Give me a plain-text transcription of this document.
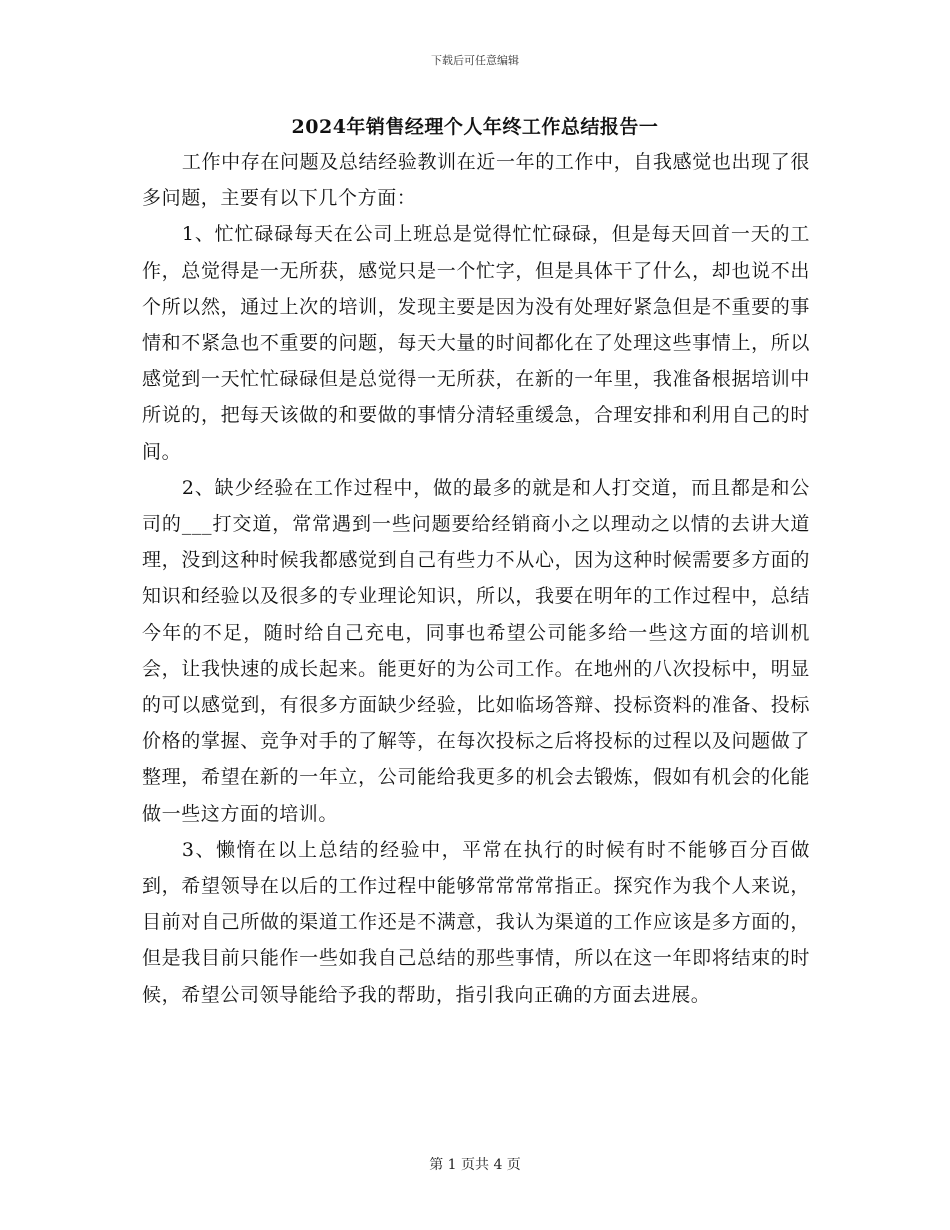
下载后可任意编辑
2024年销售经理个人年终工作总结报告一

工作中存在问题及总结经验教训在近一年的工作中，自我感觉也出现了很多问题，主要有以下几个方面：

1、忙忙碌碌每天在公司上班总是觉得忙忙碌碌，但是每天回首一天的工作，总觉得是一无所获，感觉只是一个忙字，但是具体干了什么，却也说不出个所以然，通过上次的培训，发现主要是因为没有处理好紧急但是不重要的事情和不紧急也不重要的问题，每天大量的时间都化在了处理这些事情上，所以感觉到一天忙忙碌碌但是总觉得一无所获，在新的一年里，我准备根据培训中所说的，把每天该做的和要做的事情分清轻重缓急，合理安排和利用自己的时间。

2、缺少经验在工作过程中，做的最多的就是和人打交道，而且都是和公司的___打交道，常常遇到一些问题要给经销商小之以理动之以情的去讲大道理，没到这种时候我都感觉到自己有些力不从心，因为这种时候需要多方面的知识和经验以及很多的专业理论知识，所以，我要在明年的工作过程中，总结今年的不足，随时给自己充电，同事也希望公司能多给一些这方面的培训机会，让我快速的成长起来。能更好的为公司工作。在地州的八次投标中，明显的可以感觉到，有很多方面缺少经验，比如临场答辩、投标资料的准备、投标价格的掌握、竞争对手的了解等，在每次投标之后将投标的过程以及问题做了整理，希望在新的一年立，公司能给我更多的机会去锻炼，假如有机会的化能做一些这方面的培训。

3、懒惰在以上总结的经验中，平常在执行的时候有时不能够百分百做到，希望领导在以后的工作过程中能够常常常常指正。探究作为我个人来说，目前对自己所做的渠道工作还是不满意，我认为渠道的工作应该是多方面的，但是我目前只能作一些如我自己总结的那些事情，所以在这一年即将结束的时候，希望公司领导能给予我的帮助，指引我向正确的方面去进展。

第 1 页共 4 页
